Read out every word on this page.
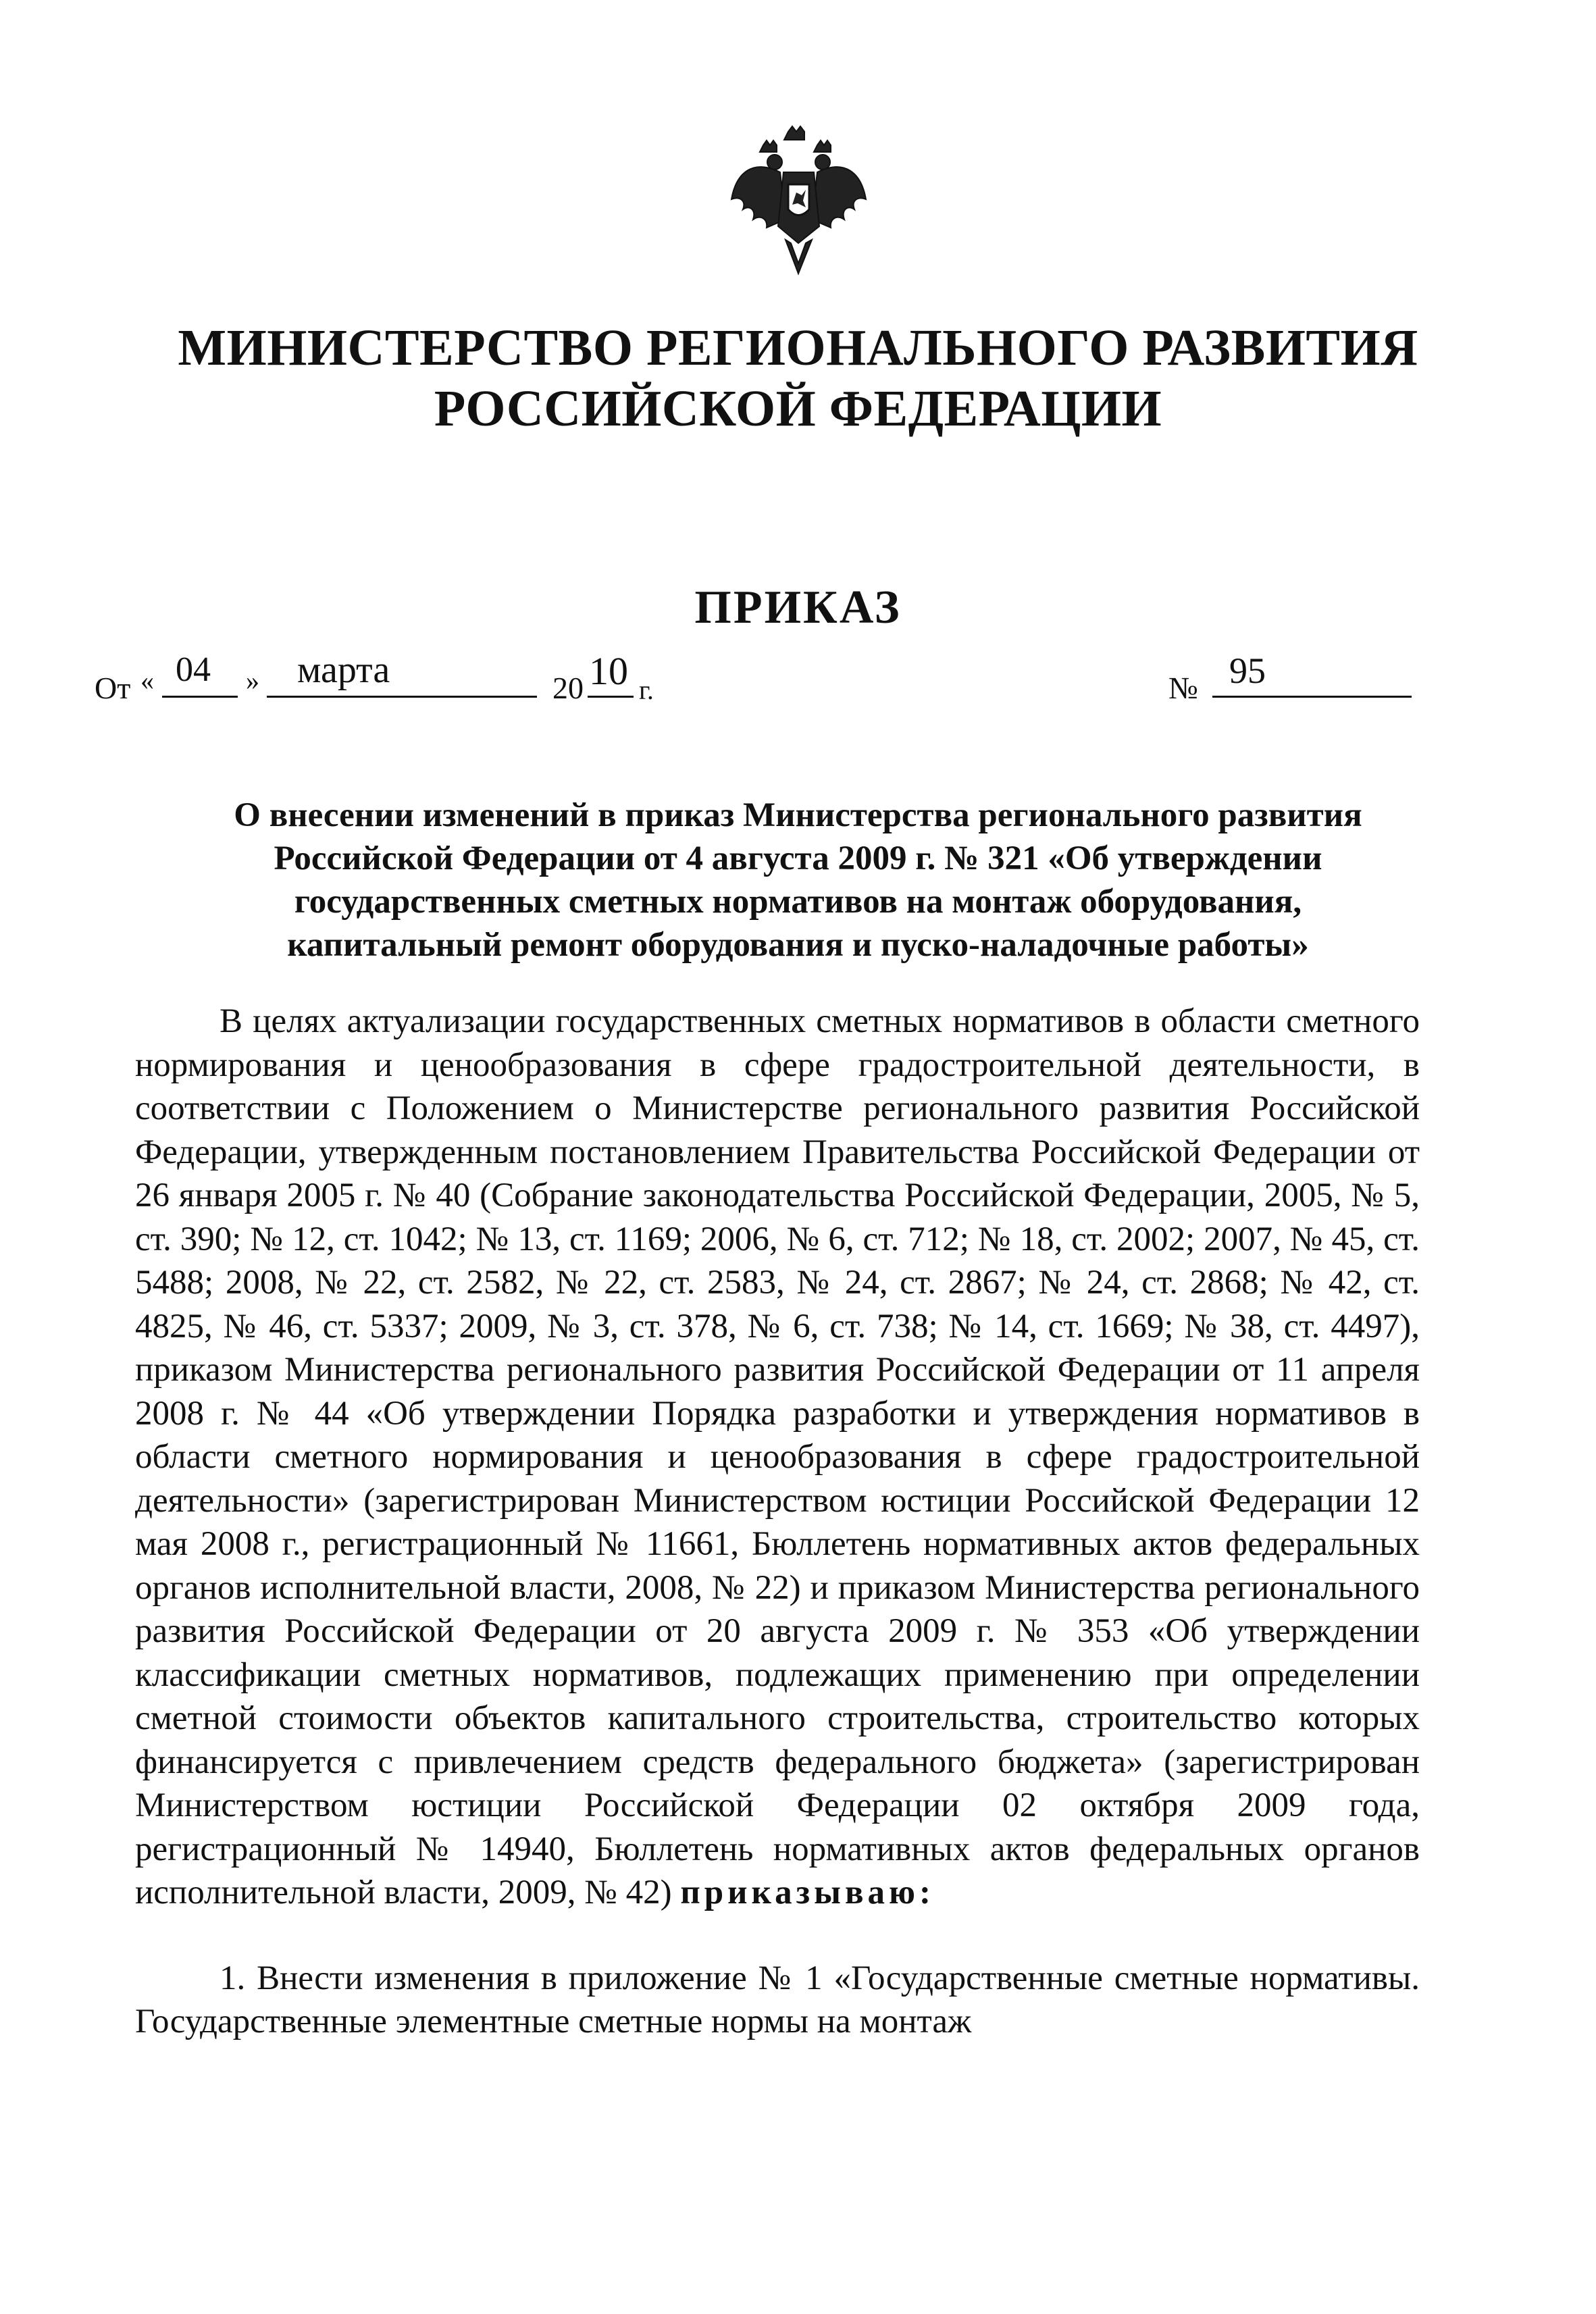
МИНИСТЕРСТВО РЕГИОНАЛЬНОГО РАЗВИТИЯ
РОССИЙСКОЙ ФЕДЕРАЦИИ
ПРИКАЗ
От « 04 » марта	20 10 г.	№ 95
О внесении изменений в приказ Министерства регионального развития
Российской Федерации от 4 августа 2009 г. № 321 «Об утверждении
государственных сметных нормативов на монтаж оборудования,
капитальный ремонт оборудования и пуско-наладочные работы»

В целях актуализации государственных сметных нормативов в области сметного нормирования и ценообразования в сфере градостроительной деятельности, в соответствии с Положением о Министерстве регионального развития Российской Федерации, утвержденным постановлением Правительства Российской Федерации от 26 января 2005 г. № 40 (Собрание законодательства Российской Федерации, 2005, № 5, ст. 390; № 12, ст. 1042; № 13, ст. 1169; 2006, № 6, ст. 712; № 18, ст. 2002; 2007, № 45, ст. 5488; 2008, № 22, ст. 2582, № 22, ст. 2583, № 24, ст. 2867; № 24, ст. 2868; № 42, ст. 4825, № 46, ст. 5337; 2009, № 3, ст. 378, № 6, ст. 738; № 14, ст. 1669; № 38, ст. 4497), приказом Министерства регионального развития Российской Федерации от 11 апреля 2008 г. № 44 «Об утверждении Порядка разработки и утверждения нормативов в области сметного нормирования и ценообразования в сфере градостроительной деятельности» (зарегистрирован Министерством юстиции Российской Федерации 12 мая 2008 г., регистрационный № 11661, Бюллетень нормативных актов федеральных органов исполнительной власти, 2008, № 22) и приказом Министерства регионального развития Российской Федерации от 20 августа 2009 г. № 353 «Об утверждении классификации сметных нормативов, подлежащих применению при определении сметной стоимости объектов капитального строительства, строительство которых финансируется с привлечением средств федерального бюджета» (зарегистрирован Министерством юстиции Российской Федерации 02 октября 2009 года, регистрационный № 14940, Бюллетень нормативных актов федеральных органов исполнительной власти, 2009, № 42) приказываю:

1. Внести изменения в приложение № 1 «Государственные сметные нормативы. Государственные элементные сметные нормы на монтаж
